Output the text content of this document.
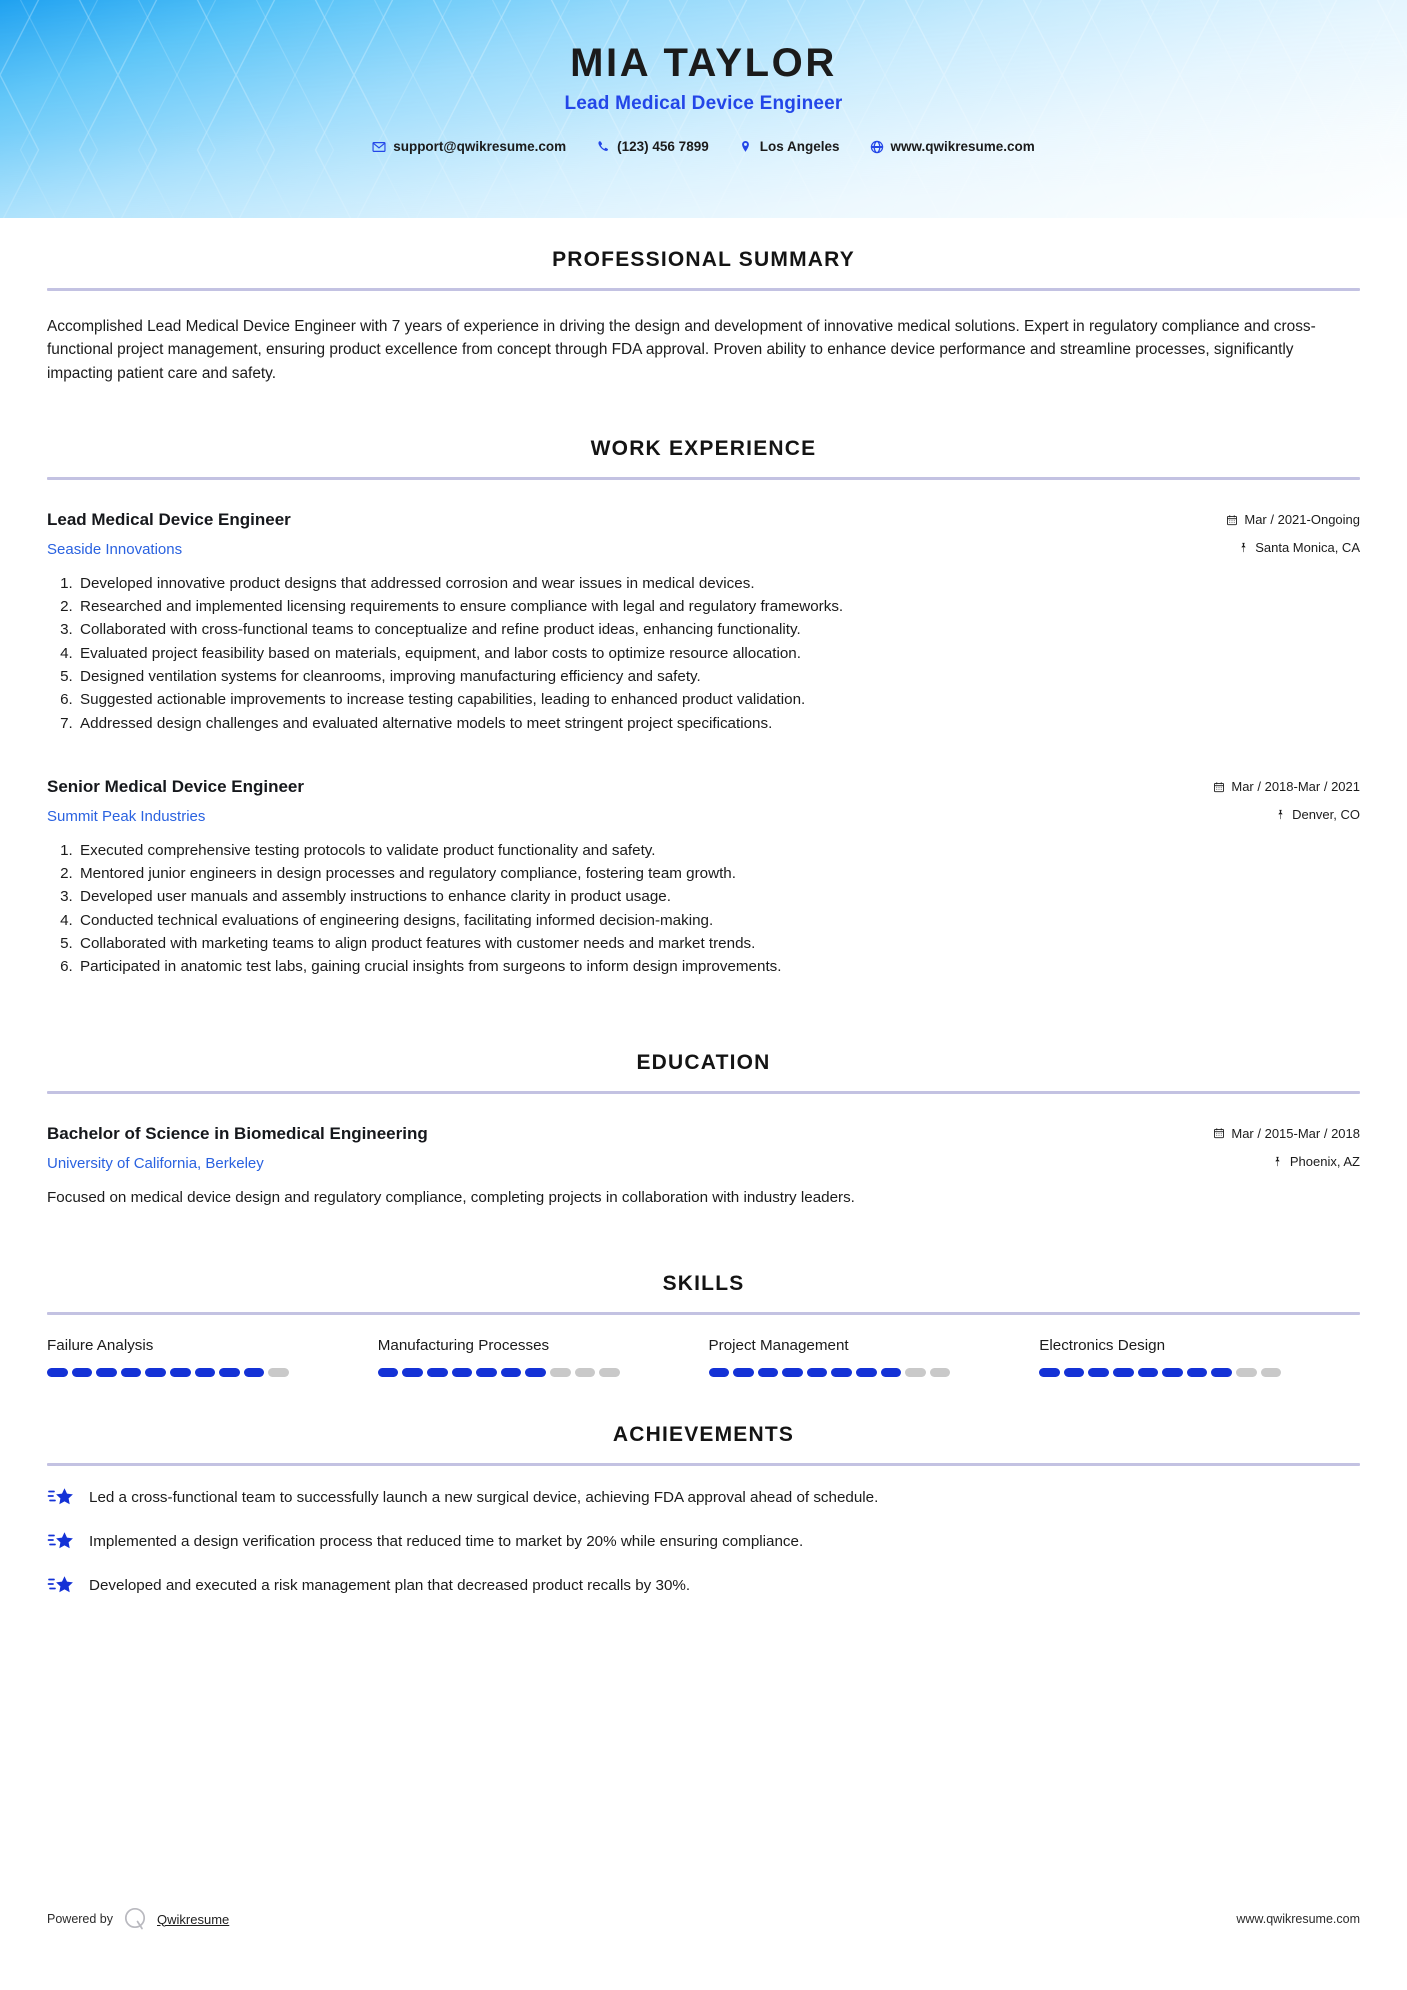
MIA TAYLOR
Lead Medical Device Engineer
support@qwikresume.com	(123) 456 7899	Los Angeles	www.qwikresume.com
PROFESSIONAL SUMMARY

Accomplished Lead Medical Device Engineer with 7 years of experience in driving the design and development of innovative medical solutions. Expert in regulatory compliance and cross-functional project management, ensuring product excellence from concept through FDA approval. Proven ability to enhance device performance and streamline processes, significantly impacting patient care and safety.

WORK EXPERIENCE
Lead Medical Device Engineer
Seaside Innovations
Mar / 2021-Ongoing
Santa Monica, CA
1. Developed innovative product designs that addressed corrosion and wear issues in medical devices.
2. Researched and implemented licensing requirements to ensure compliance with legal and regulatory frameworks.
3. Collaborated with cross-functional teams to conceptualize and refine product ideas, enhancing functionality.
4. Evaluated project feasibility based on materials, equipment, and labor costs to optimize resource allocation.
5. Designed ventilation systems for cleanrooms, improving manufacturing efficiency and safety.
6. Suggested actionable improvements to increase testing capabilities, leading to enhanced product validation.
7. Addressed design challenges and evaluated alternative models to meet stringent project specifications.
Senior Medical Device Engineer
Summit Peak Industries
Mar / 2018-Mar / 2021
Denver, CO
1. Executed comprehensive testing protocols to validate product functionality and safety.
2. Mentored junior engineers in design processes and regulatory compliance, fostering team growth.
3. Developed user manuals and assembly instructions to enhance clarity in product usage.
4. Conducted technical evaluations of engineering designs, facilitating informed decision-making.
5. Collaborated with marketing teams to align product features with customer needs and market trends.
6. Participated in anatomic test labs, gaining crucial insights from surgeons to inform design improvements.
EDUCATION
Bachelor of Science in Biomedical Engineering
University of California, Berkeley
Mar / 2015-Mar / 2018
Phoenix, AZ

Focused on medical device design and regulatory compliance, completing projects in collaboration with industry leaders.

SKILLS
Failure Analysis	Manufacturing Processes	Project Management	Electronics Design
ACHIEVEMENTS
Led a cross-functional team to successfully launch a new surgical device, achieving FDA approval ahead of schedule.
Implemented a design verification process that reduced time to market by 20% while ensuring compliance.
Developed and executed a risk management plan that decreased product recalls by 30%.
Powered by	Qwikresume	www.qwikresume.com
